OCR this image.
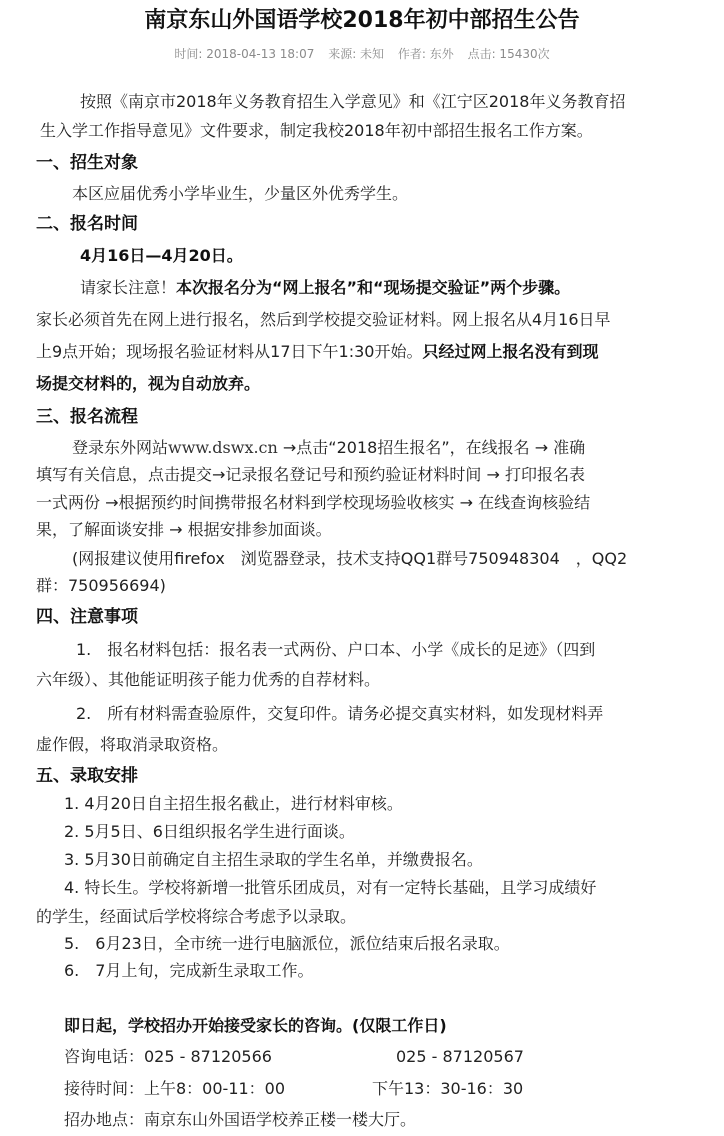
南京东山外国语学校2018年初中部招生公告
时间: 2018-04-13 18:07 来源: 未知 作者: 东外 点击: 15430次
按照《南京市2018年义务教育招生入学意见》和《江宁区2018年义务教育招
生入学工作指导意见》文件要求，制定我校2018年初中部招生报名工作方案。
一、招生对象
本区应届优秀小学毕业生，少量区外优秀学生。
二、报名时间
4月16日—4月20日。
请家长注意！本次报名分为“网上报名”和“现场提交验证”两个步骤。
家长必须首先在网上进行报名，然后到学校提交验证材料。网上报名从4月16日早
上9点开始；现场报名验证材料从17日下午1:30开始。只经过网上报名没有到现
场提交材料的，视为自动放弃。
三、报名流程
登录东外网站www.dswx.cn →点击“2018招生报名”，在线报名 → 准确
填写有关信息，点击提交→记录报名登记号和预约验证材料时间 → 打印报名表
一式两份 →根据预约时间携带报名材料到学校现场验收核实 → 在线查询核验结
果，了解面谈安排 → 根据安排参加面谈。
(网报建议使用firefox　浏览器登录，技术支持QQ1群号750948304　，QQ2
群：750956694)
四、注意事项
1.　报名材料包括：报名表一式两份、户口本、小学《成长的足迹》（四到
六年级）、其他能证明孩子能力优秀的自荐材料。
2.　所有材料需查验原件，交复印件。请务必提交真实材料，如发现材料弄
虚作假，将取消录取资格。
五、录取安排
1. 4月20日自主招生报名截止，进行材料审核。
2. 5月5日、6日组织报名学生进行面谈。
3. 5月30日前确定自主招生录取的学生名单，并缴费报名。
4. 特长生。学校将新增一批管乐团成员，对有一定特长基础，且学习成绩好
的学生，经面试后学校将综合考虑予以录取。
5.　6月23日，全市统一进行电脑派位，派位结束后报名录取。
6.　7月上旬，完成新生录取工作。
即日起，学校招办开始接受家长的咨询。(仅限工作日)
咨询电话：025 - 87120566	025 - 87120567
接待时间：上午8：00-11：00	下午13：30-16：30
招办地点：南京东山外国语学校养正楼一楼大厅。
